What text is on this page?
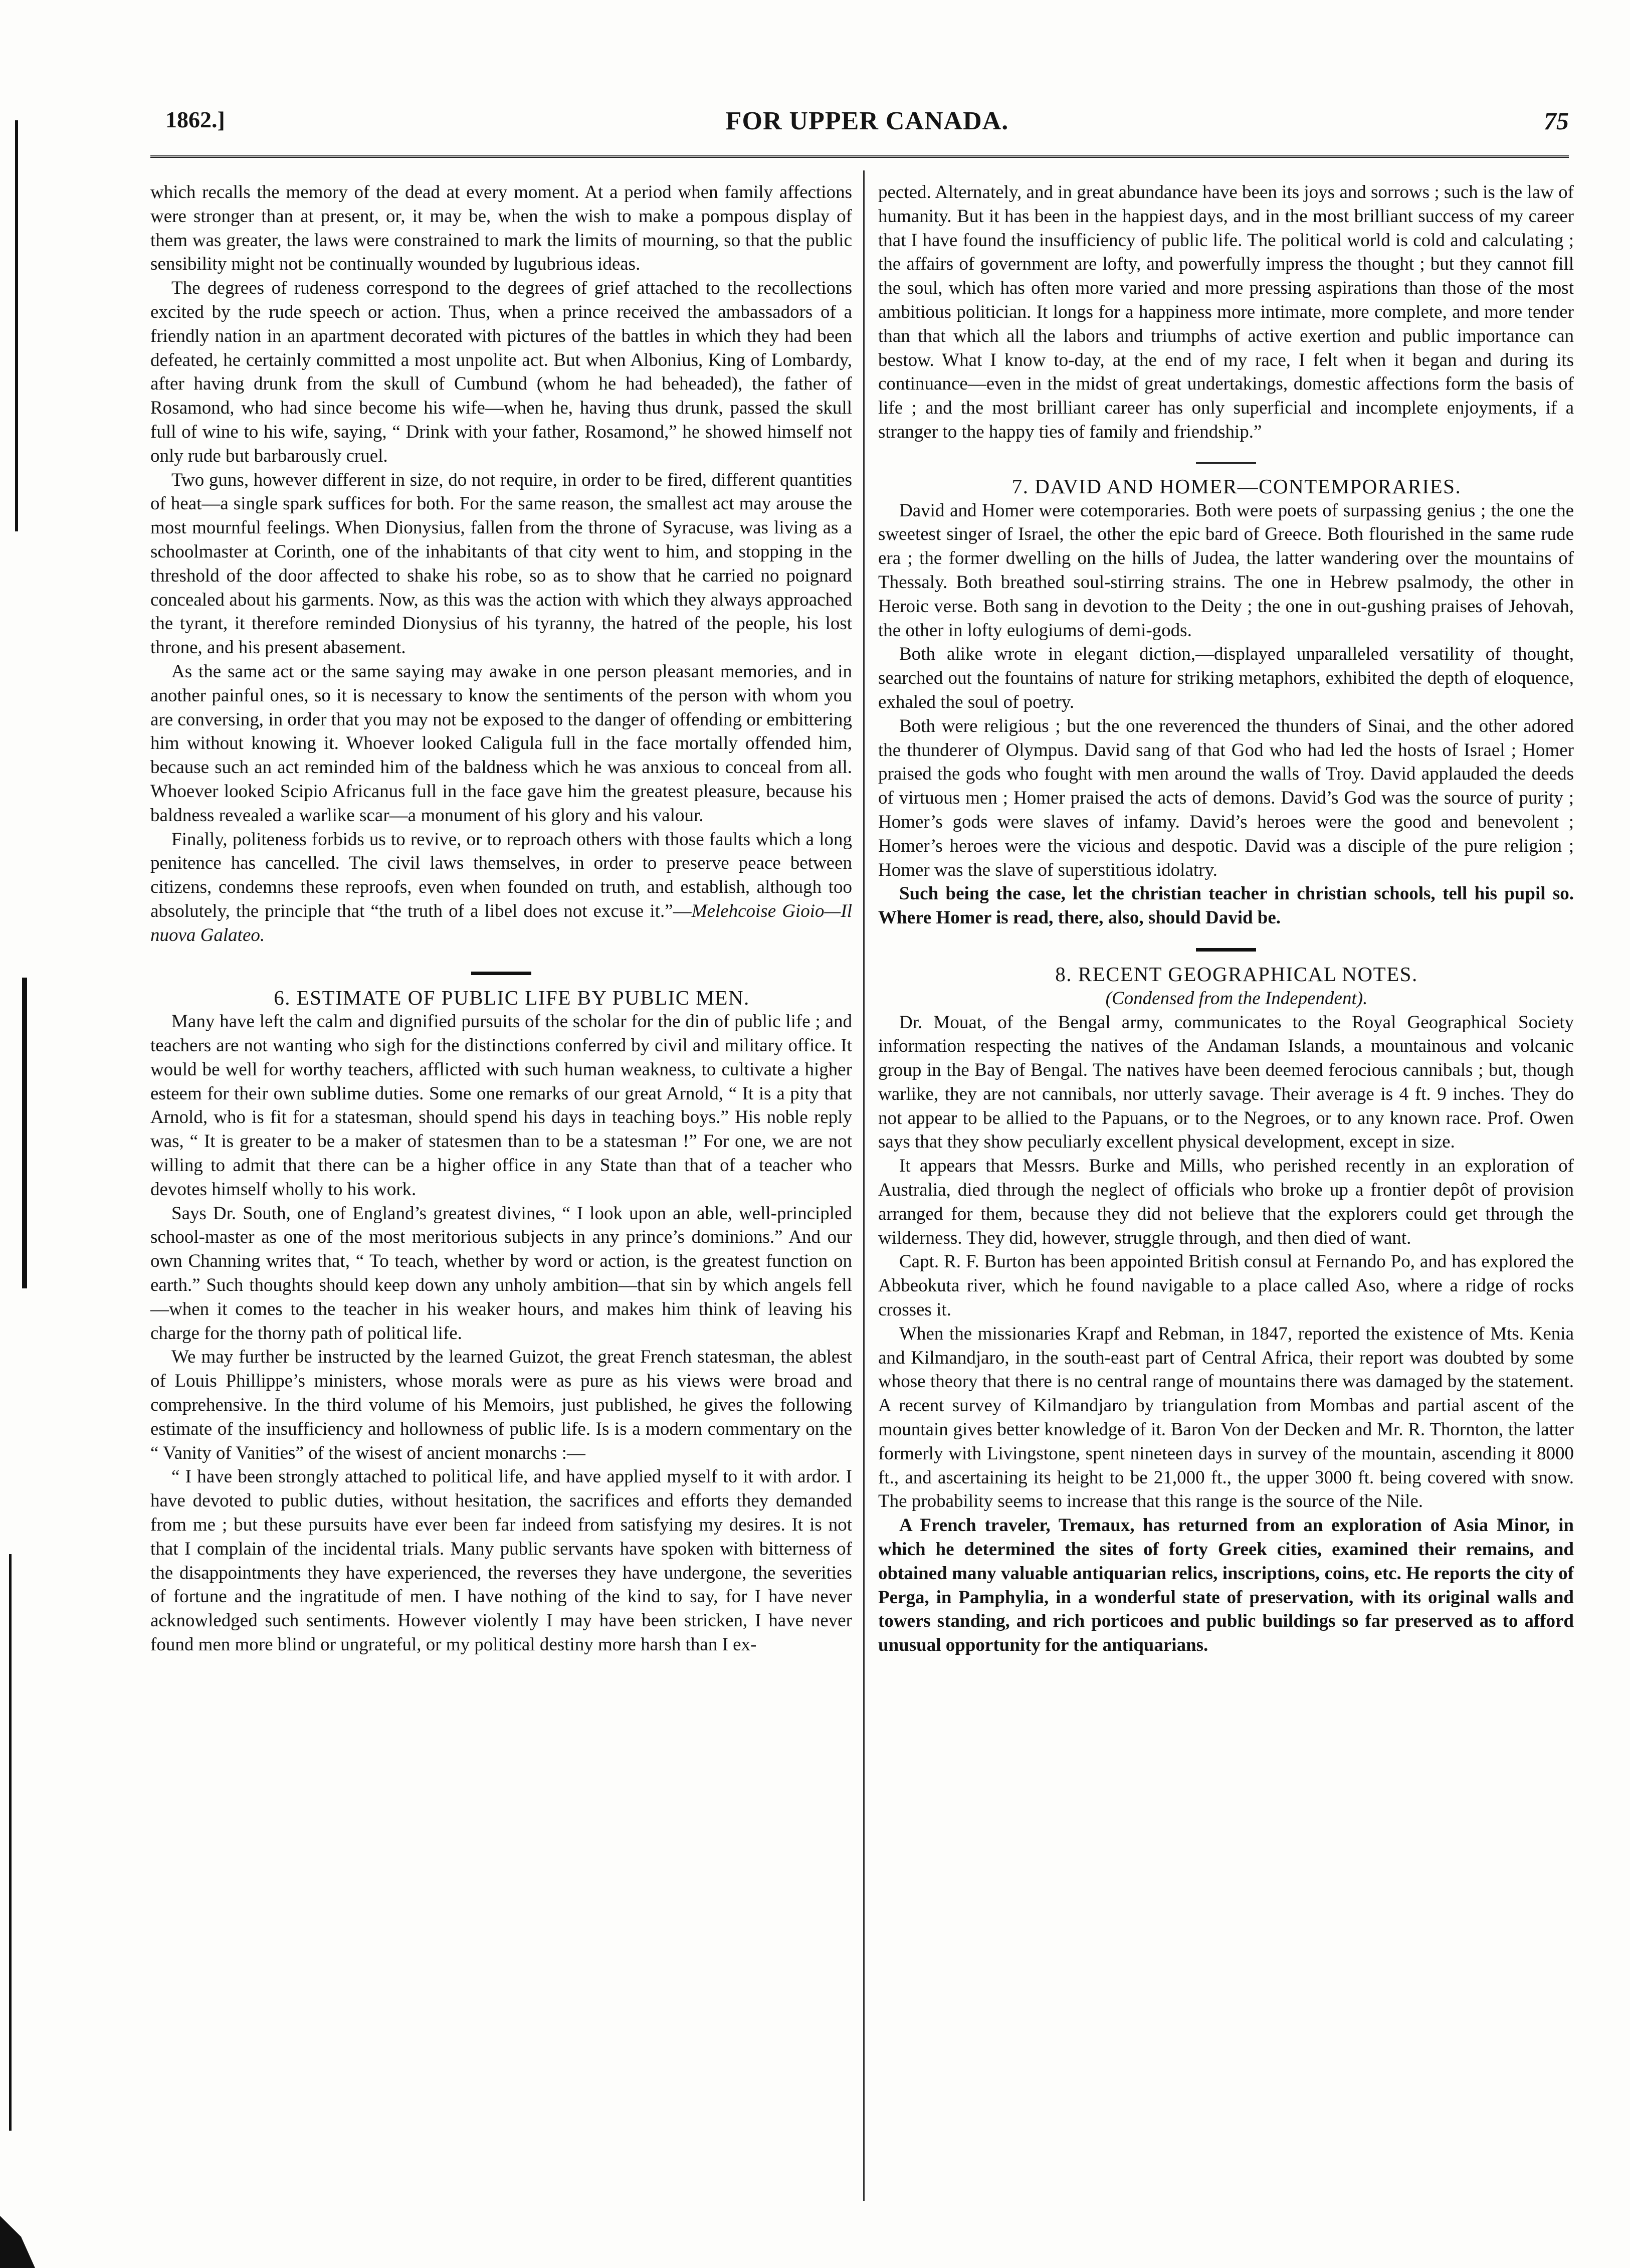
1862.]	FOR UPPER CANADA.	75

which recalls the memory of the dead at every moment. At a period when family affections were stronger than at present, or, it may be, when the wish to make a pompous display of them was greater, the laws were constrained to mark the limits of mourning, so that the public sensibility might not be continually wounded by lugubrious ideas.

The degrees of rudeness correspond to the degrees of grief attached to the recollections excited by the rude speech or action. Thus, when a prince received the ambassadors of a friendly nation in an apartment decorated with pictures of the battles in which they had been defeated, he certainly committed a most unpolite act. But when Albonius, King of Lombardy, after having drunk from the skull of Cumbund (whom he had beheaded), the father of Rosamond, who had since become his wife—when he, having thus drunk, passed the skull full of wine to his wife, saying, “ Drink with your father, Rosamond,” he showed himself not only rude but barbarously cruel.

Two guns, however different in size, do not require, in order to be fired, different quantities of heat—a single spark suffices for both. For the same reason, the smallest act may arouse the most mournful feelings. When Dionysius, fallen from the throne of Syracuse, was living as a schoolmaster at Corinth, one of the inhabitants of that city went to him, and stopping in the threshold of the door affected to shake his robe, so as to show that he carried no poignard concealed about his garments. Now, as this was the action with which they always approached the tyrant, it therefore reminded Dionysius of his tyranny, the hatred of the people, his lost throne, and his present abasement.

As the same act or the same saying may awake in one person pleasant memories, and in another painful ones, so it is necessary to know the sentiments of the person with whom you are conversing, in order that you may not be exposed to the danger of offending or embittering him without knowing it. Whoever looked Caligula full in the face mortally offended him, because such an act reminded him of the baldness which he was anxious to conceal from all. Whoever looked Scipio Africanus full in the face gave him the greatest pleasure, because his baldness revealed a warlike scar—a monument of his glory and his valour.

Finally, politeness forbids us to revive, or to reproach others with those faults which a long penitence has cancelled. The civil laws themselves, in order to preserve peace between citizens, condemns these reproofs, even when founded on truth, and establish, although too absolutely, the principle that “the truth of a libel does not excuse it.”—Melehcoise Gioio—Il nuova Galateo.

6. ESTIMATE OF PUBLIC LIFE BY PUBLIC MEN.

Many have left the calm and dignified pursuits of the scholar for the din of public life ; and teachers are not wanting who sigh for the distinctions conferred by civil and military office. It would be well for worthy teachers, afflicted with such human weakness, to cultivate a higher esteem for their own sublime duties. Some one remarks of our great Arnold, “ It is a pity that Arnold, who is fit for a statesman, should spend his days in teaching boys.” His noble reply was, “ It is greater to be a maker of statesmen than to be a statesman !” For one, we are not willing to admit that there can be a higher office in any State than that of a teacher who devotes himself wholly to his work.

Says Dr. South, one of England’s greatest divines, “ I look upon an able, well-principled school-master as one of the most meritorious subjects in any prince’s dominions.” And our own Channing writes that, “ To teach, whether by word or action, is the greatest function on earth.” Such thoughts should keep down any unholy ambition—that sin by which angels fell—when it comes to the teacher in his weaker hours, and makes him think of leaving his charge for the thorny path of political life.

We may further be instructed by the learned Guizot, the great French statesman, the ablest of Louis Phillippe’s ministers, whose morals were as pure as his views were broad and comprehensive. In the third volume of his Memoirs, just published, he gives the following estimate of the insufficiency and hollowness of public life. Is is a modern commentary on the “ Vanity of Vanities” of the wisest of ancient monarchs :—

“ I have been strongly attached to political life, and have applied myself to it with ardor. I have devoted to public duties, without hesitation, the sacrifices and efforts they demanded from me ; but these pursuits have ever been far indeed from satisfying my desires. It is not that I complain of the incidental trials. Many public servants have spoken with bitterness of the disappointments they have experienced, the reverses they have undergone, the severities of fortune and the ingratitude of men. I have nothing of the kind to say, for I have never acknowledged such sentiments. However violently I may have been stricken, I have never found men more blind or ungrateful, or my political destiny more harsh than I ex-

pected. Alternately, and in great abundance have been its joys and sorrows ; such is the law of humanity. But it has been in the happiest days, and in the most brilliant success of my career that I have found the insufficiency of public life. The political world is cold and calculating ; the affairs of government are lofty, and powerfully impress the thought ; but they cannot fill the soul, which has often more varied and more pressing aspirations than those of the most ambitious politician. It longs for a happiness more intimate, more complete, and more tender than that which all the labors and triumphs of active exertion and public importance can bestow. What I know to-day, at the end of my race, I felt when it began and during its continuance—even in the midst of great undertakings, domestic affections form the basis of life ; and the most brilliant career has only superficial and incomplete enjoyments, if a stranger to the happy ties of family and friendship.”

7. DAVID AND HOMER—CONTEMPORARIES.

David and Homer were cotemporaries. Both were poets of surpassing genius ; the one the sweetest singer of Israel, the other the epic bard of Greece. Both flourished in the same rude era ; the former dwelling on the hills of Judea, the latter wandering over the mountains of Thessaly. Both breathed soul-stirring strains. The one in Hebrew psalmody, the other in Heroic verse. Both sang in devotion to the Deity ; the one in out-gushing praises of Jehovah, the other in lofty eulogiums of demi-gods.

Both alike wrote in elegant diction,—displayed unparalleled versatility of thought, searched out the fountains of nature for striking metaphors, exhibited the depth of eloquence, exhaled the soul of poetry.

Both were religious ; but the one reverenced the thunders of Sinai, and the other adored the thunderer of Olympus. David sang of that God who had led the hosts of Israel ; Homer praised the gods who fought with men around the walls of Troy. David applauded the deeds of virtuous men ; Homer praised the acts of demons. David’s God was the source of purity ; Homer’s gods were slaves of infamy. David’s heroes were the good and benevolent ; Homer’s heroes were the vicious and despotic. David was a disciple of the pure religion ; Homer was the slave of superstitious idolatry.

Such being the case, let the christian teacher in christian schools, tell his pupil so. Where Homer is read, there, also, should David be.

8. RECENT GEOGRAPHICAL NOTES.

(Condensed from the Independent).

Dr. Mouat, of the Bengal army, communicates to the Royal Geographical Society information respecting the natives of the Andaman Islands, a mountainous and volcanic group in the Bay of Bengal. The natives have been deemed ferocious cannibals ; but, though warlike, they are not cannibals, nor utterly savage. Their average is 4 ft. 9 inches. They do not appear to be allied to the Papuans, or to the Negroes, or to any known race. Prof. Owen says that they show peculiarly excellent physical development, except in size.

It appears that Messrs. Burke and Mills, who perished recently in an exploration of Australia, died through the neglect of officials who broke up a frontier depôt of provision arranged for them, because they did not believe that the explorers could get through the wilderness. They did, however, struggle through, and then died of want.

Capt. R. F. Burton has been appointed British consul at Fernando Po, and has explored the Abbeokuta river, which he found navigable to a place called Aso, where a ridge of rocks crosses it.

When the missionaries Krapf and Rebman, in 1847, reported the existence of Mts. Kenia and Kilmandjaro, in the south-east part of Central Africa, their report was doubted by some whose theory that there is no central range of mountains there was damaged by the statement. A recent survey of Kilmandjaro by triangulation from Mombas and partial ascent of the mountain gives better knowledge of it. Baron Von der Decken and Mr. R. Thornton, the latter formerly with Livingstone, spent nineteen days in survey of the mountain, ascending it 8000 ft., and ascertaining its height to be 21,000 ft., the upper 3000 ft. being covered with snow. The probability seems to increase that this range is the source of the Nile.

A French traveler, Tremaux, has returned from an exploration of Asia Minor, in which he determined the sites of forty Greek cities, examined their remains, and obtained many valuable antiquarian relics, inscriptions, coins, etc. He reports the city of Perga, in Pamphylia, in a wonderful state of preservation, with its original walls and towers standing, and rich porticoes and public buildings so far preserved as to afford unusual opportunity for the antiquarians.
